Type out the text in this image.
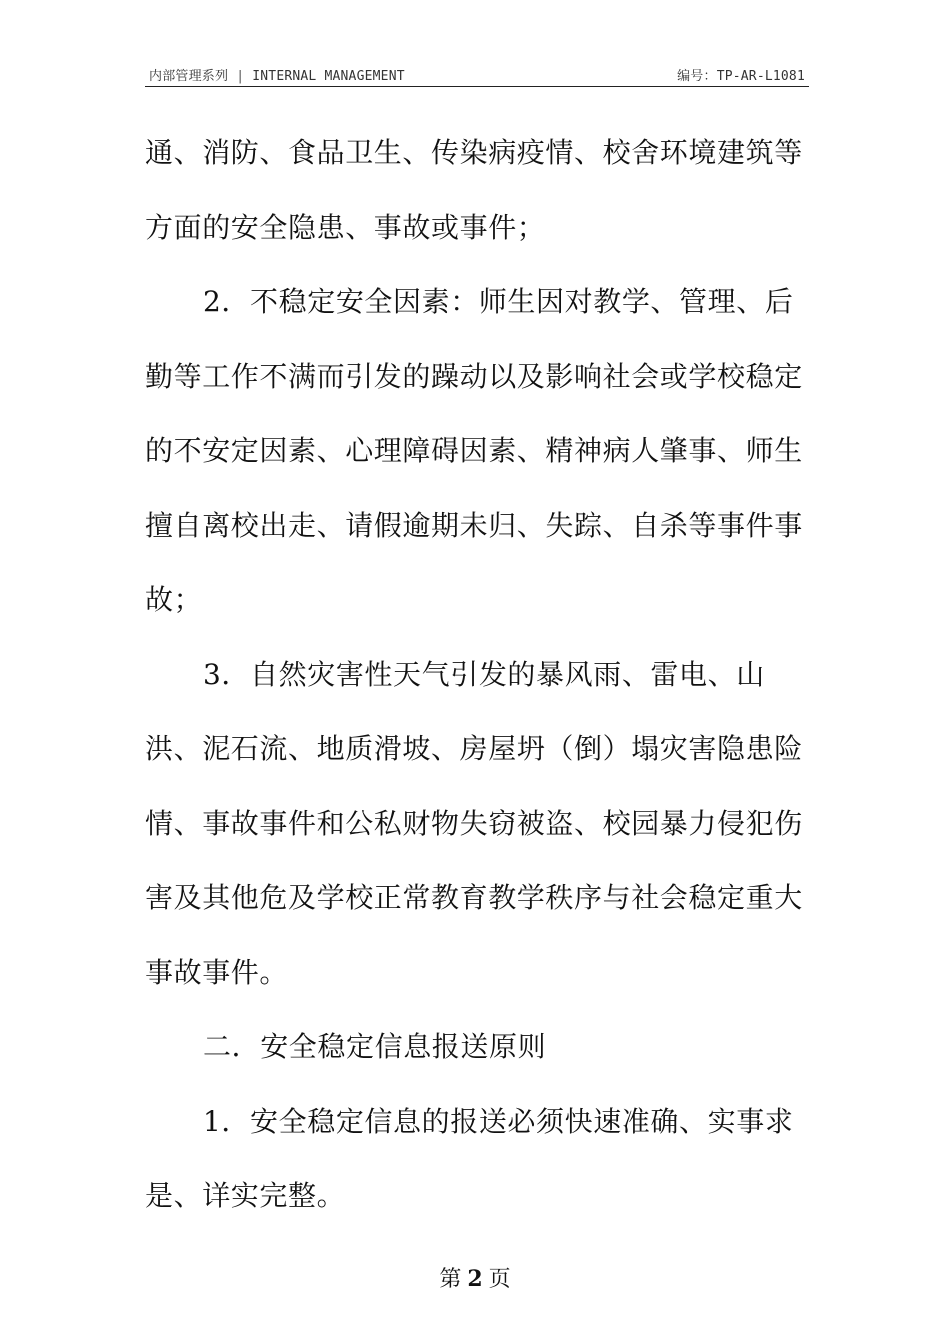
内部管理系列 | INTERNAL MANAGEMENT	编号：TP-AR-L1081
通、消防、食品卫生、传染病疫情、校舍环境建筑等
方面的安全隐患、事故或事件；
2．不稳定安全因素：师生因对教学、管理、后
勤等工作不满而引发的躁动以及影响社会或学校稳定
的不安定因素、心理障碍因素、精神病人肇事、师生
擅自离校出走、请假逾期未归、失踪、自杀等事件事
故；
3．自然灾害性天气引发的暴风雨、雷电、山
洪、泥石流、地质滑坡、房屋坍（倒）塌灾害隐患险
情、事故事件和公私财物失窃被盗、校园暴力侵犯伤
害及其他危及学校正常教育教学秩序与社会稳定重大
事故事件。
二．安全稳定信息报送原则
1．安全稳定信息的报送必须快速准确、实事求
是、详实完整。
第 2 页
